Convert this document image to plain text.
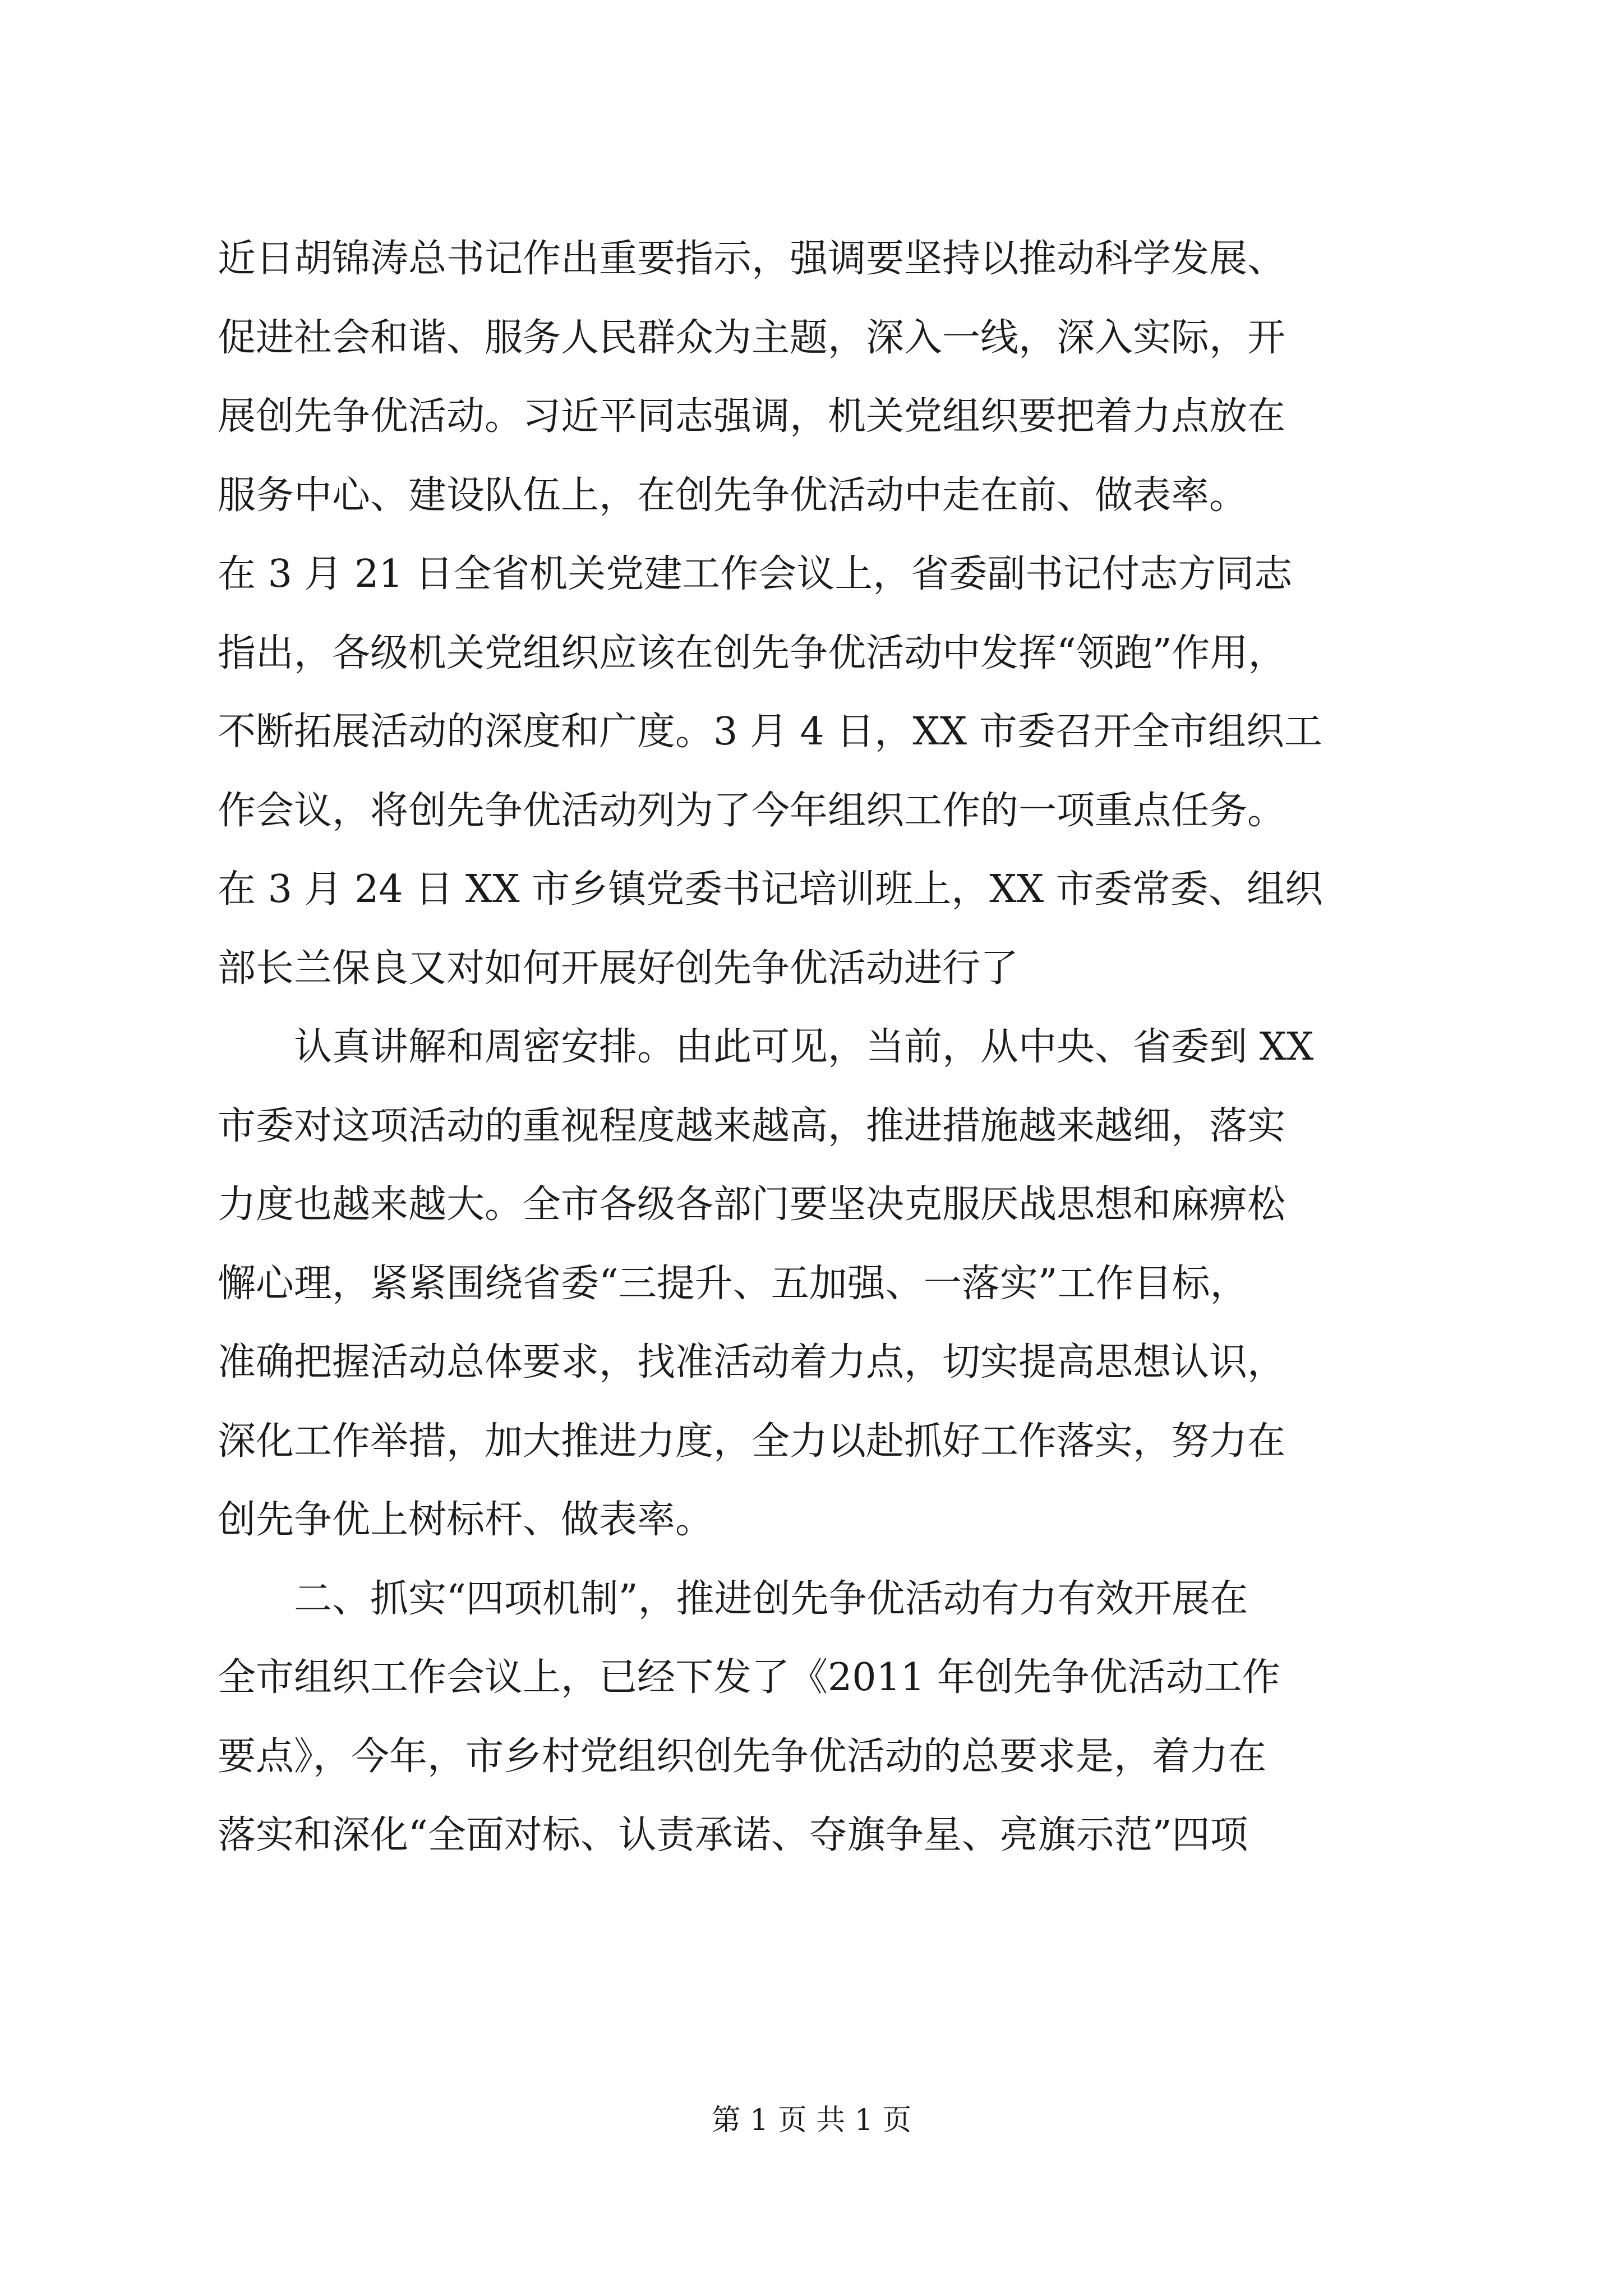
近日胡锦涛总书记作出重要指示，强调要坚持以推动科学发展、
促进社会和谐、服务人民群众为主题，深入一线，深入实际，开
展创先争优活动。习近平同志强调，机关党组织要把着力点放在
服务中心、建设队伍上，在创先争优活动中走在前、做表率。
在 3 月 21 日全省机关党建工作会议上，省委副书记付志方同志
指出，各级机关党组织应该在创先争优活动中发挥“领跑”作用，
不断拓展活动的深度和广度。3 月 4 日，XX 市委召开全市组织工
作会议，将创先争优活动列为了今年组织工作的一项重点任务。
在 3 月 24 日 XX 市乡镇党委书记培训班上，XX 市委常委、组织
部长兰保良又对如何开展好创先争优活动进行了
认真讲解和周密安排。由此可见，当前，从中央、省委到 XX
市委对这项活动的重视程度越来越高，推进措施越来越细，落实
力度也越来越大。全市各级各部门要坚决克服厌战思想和麻痹松
懈心理，紧紧围绕省委“三提升、五加强、一落实”工作目标，
准确把握活动总体要求，找准活动着力点，切实提高思想认识，
深化工作举措，加大推进力度，全力以赴抓好工作落实，努力在
创先争优上树标杆、做表率。
二、抓实“四项机制”，推进创先争优活动有力有效开展在
全市组织工作会议上，已经下发了《2011 年创先争优活动工作
要点》，今年，市乡村党组织创先争优活动的总要求是，着力在
落实和深化“全面对标、认责承诺、夺旗争星、亮旗示范”四项
第 1 页 共 1 页
